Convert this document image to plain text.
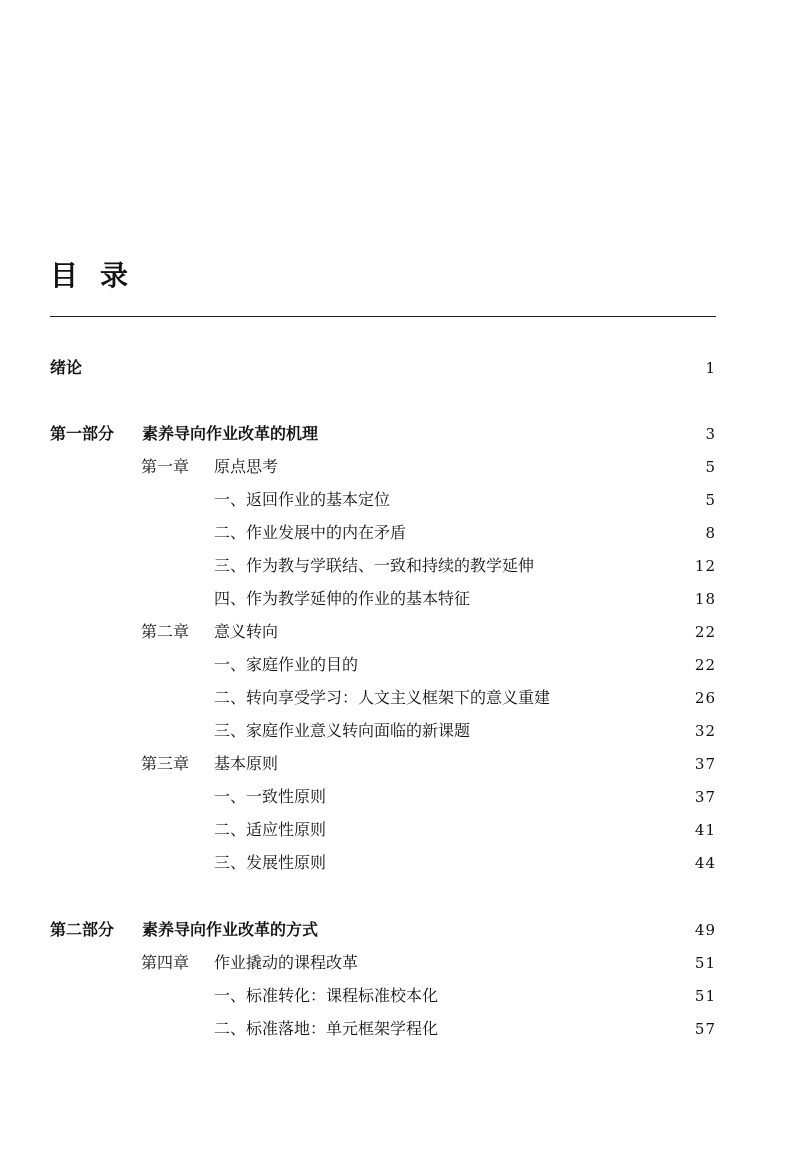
目录
绪论	1
第一部分 素养导向作业改革的机理	3
第一章 原点思考	5
一、返回作业的基本定位	5
二、作业发展中的内在矛盾	8
三、作为教与学联结、一致和持续的教学延伸	12
四、作为教学延伸的作业的基本特征	18
第二章 意义转向	22
一、家庭作业的目的	22
二、转向享受学习：人文主义框架下的意义重建	26
三、家庭作业意义转向面临的新课题	32
第三章 基本原则	37
一、一致性原则	37
二、适应性原则	41
三、发展性原则	44
第二部分 素养导向作业改革的方式	49
第四章 作业撬动的课程改革	51
一、标准转化：课程标准校本化	51
二、标准落地：单元框架学程化	57
